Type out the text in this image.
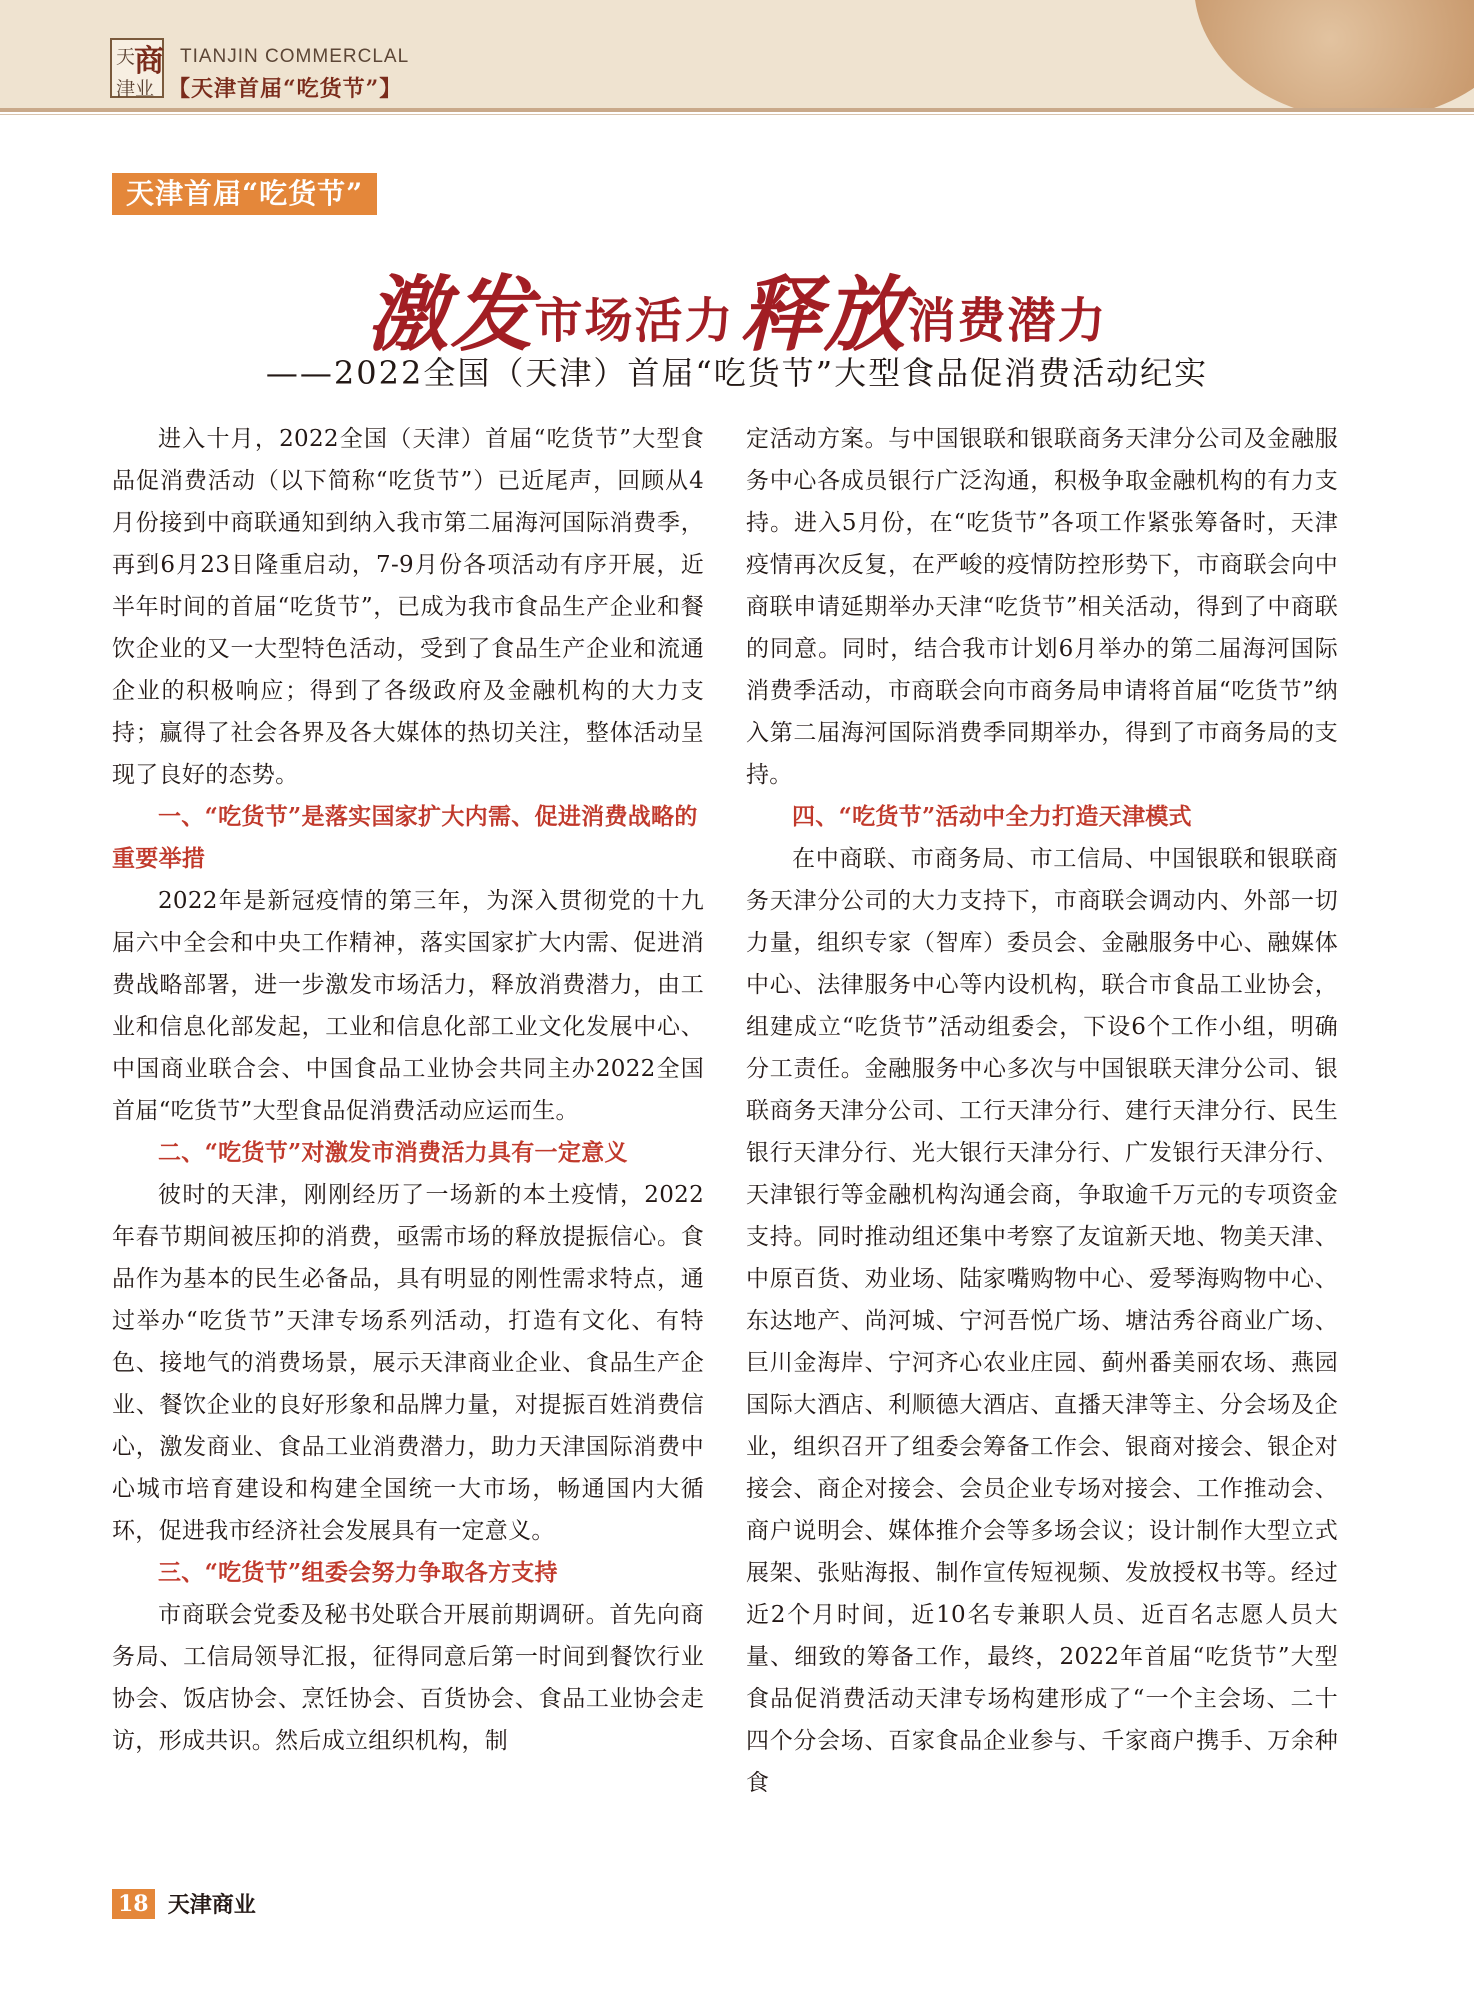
天
商
津业
TIANJIN COMMERCLAL
【天津首届“吃货节”】
天津首届“吃货节”
激发市场活力 释放消费潜力
——2022全国（天津）首届“吃货节”大型食品促消费活动纪实

进入十月，2022全国（天津）首届“吃货节”大型食品促消费活动（以下简称“吃货节”）已近尾声，回顾从4月份接到中商联通知到纳入我市第二届海河国际消费季，再到6月23日隆重启动，7-9月份各项活动有序开展，近半年时间的首届“吃货节”，已成为我市食品生产企业和餐饮企业的又一大型特色活动，受到了食品生产企业和流通企业的积极响应；得到了各级政府及金融机构的大力支持；赢得了社会各界及各大媒体的热切关注，整体活动呈现了良好的态势。

一、“吃货节”是落实国家扩大内需、促进消费战略的重要举措

2022年是新冠疫情的第三年，为深入贯彻党的十九届六中全会和中央工作精神，落实国家扩大内需、促进消费战略部署，进一步激发市场活力，释放消费潜力，由工业和信息化部发起，工业和信息化部工业文化发展中心、中国商业联合会、中国食品工业协会共同主办2022全国首届“吃货节”大型食品促消费活动应运而生。

二、“吃货节”对激发市消费活力具有一定意义

彼时的天津，刚刚经历了一场新的本土疫情，2022年春节期间被压抑的消费，亟需市场的释放提振信心。食品作为基本的民生必备品，具有明显的刚性需求特点，通过举办“吃货节”天津专场系列活动，打造有文化、有特色、接地气的消费场景，展示天津商业企业、食品生产企业、餐饮企业的良好形象和品牌力量，对提振百姓消费信心，激发商业、食品工业消费潜力，助力天津国际消费中心城市培育建设和构建全国统一大市场，畅通国内大循环，促进我市经济社会发展具有一定意义。

三、“吃货节”组委会努力争取各方支持

市商联会党委及秘书处联合开展前期调研。首先向商务局、工信局领导汇报，征得同意后第一时间到餐饮行业协会、饭店协会、烹饪协会、百货协会、食品工业协会走访，形成共识。然后成立组织机构，制

定活动方案。与中国银联和银联商务天津分公司及金融服务中心各成员银行广泛沟通，积极争取金融机构的有力支持。进入5月份，在“吃货节”各项工作紧张筹备时，天津疫情再次反复，在严峻的疫情防控形势下，市商联会向中商联申请延期举办天津“吃货节”相关活动，得到了中商联的同意。同时，结合我市计划6月举办的第二届海河国际消费季活动，市商联会向市商务局申请将首届“吃货节”纳入第二届海河国际消费季同期举办，得到了市商务局的支持。

四、“吃货节”活动中全力打造天津模式

在中商联、市商务局、市工信局、中国银联和银联商务天津分公司的大力支持下，市商联会调动内、外部一切力量，组织专家（智库）委员会、金融服务中心、融媒体中心、法律服务中心等内设机构，联合市食品工业协会，组建成立“吃货节”活动组委会，下设6个工作小组，明确分工责任。金融服务中心多次与中国银联天津分公司、银联商务天津分公司、工行天津分行、建行天津分行、民生银行天津分行、光大银行天津分行、广发银行天津分行、天津银行等金融机构沟通会商，争取逾千万元的专项资金支持。同时推动组还集中考察了友谊新天地、物美天津、中原百货、劝业场、陆家嘴购物中心、爱琴海购物中心、东达地产、尚河城、宁河吾悦广场、塘沽秀谷商业广场、巨川金海岸、宁河齐心农业庄园、蓟州番美丽农场、燕园国际大酒店、利顺德大酒店、直播天津等主、分会场及企业，组织召开了组委会筹备工作会、银商对接会、银企对接会、商企对接会、会员企业专场对接会、工作推动会、商户说明会、媒体推介会等多场会议；设计制作大型立式展架、张贴海报、制作宣传短视频、发放授权书等。经过近2个月时间，近10名专兼职人员、近百名志愿人员大量、细致的筹备工作，最终，2022年首届“吃货节”大型食品促消费活动天津专场构建形成了“一个主会场、二十四个分会场、百家食品企业参与、千家商户携手、万余种食

18 天津商业
